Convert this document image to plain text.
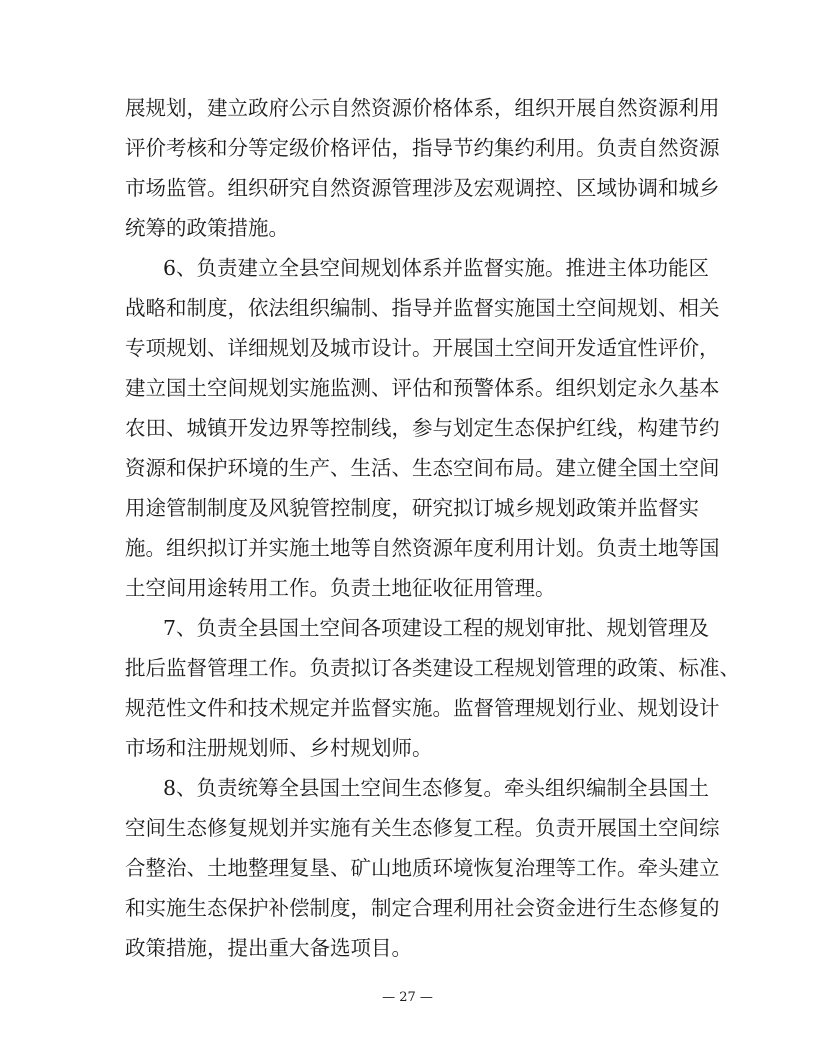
展规划，建立政府公示自然资源价格体系，组织开展自然资源利用
评价考核和分等定级价格评估，指导节约集约利用。负责自然资源
市场监管。组织研究自然资源管理涉及宏观调控、区域协调和城乡
统筹的政策措施。
6、负责建立全县空间规划体系并监督实施。推进主体功能区
战略和制度，依法组织编制、指导并监督实施国土空间规划、相关
专项规划、详细规划及城市设计。开展国土空间开发适宜性评价，
建立国土空间规划实施监测、评估和预警体系。组织划定永久基本
农田、城镇开发边界等控制线，参与划定生态保护红线，构建节约
资源和保护环境的生产、生活、生态空间布局。建立健全国土空间
用途管制制度及风貌管控制度，研究拟订城乡规划政策并监督实
施。组织拟订并实施土地等自然资源年度利用计划。负责土地等国
土空间用途转用工作。负责土地征收征用管理。
7、负责全县国土空间各项建设工程的规划审批、规划管理及
批后监督管理工作。负责拟订各类建设工程规划管理的政策、标准、
规范性文件和技术规定并监督实施。监督管理规划行业、规划设计
市场和注册规划师、乡村规划师。
8、负责统筹全县国土空间生态修复。牵头组织编制全县国土
空间生态修复规划并实施有关生态修复工程。负责开展国土空间综
合整治、土地整理复垦、矿山地质环境恢复治理等工作。牵头建立
和实施生态保护补偿制度，制定合理利用社会资金进行生态修复的
政策措施，提出重大备选项目。
— 27 —
